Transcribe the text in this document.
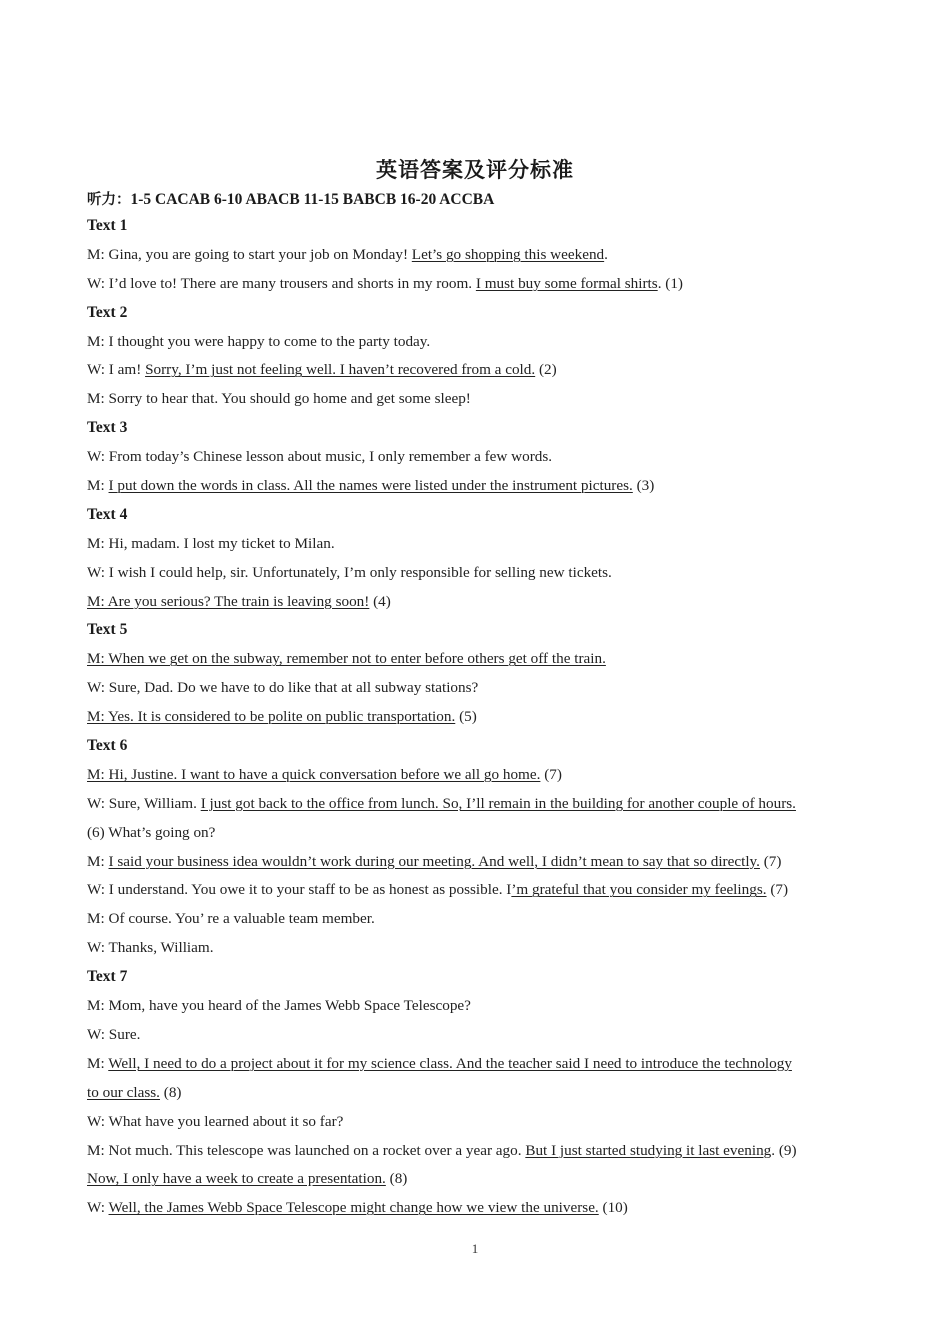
英语答案及评分标准
听力：1-5 CACAB 6-10 ABACB 11-15 BABCB 16-20 ACCBA
Text 1
M: Gina, you are going to start your job on Monday! Let’s go shopping this weekend.
W: I’d love to! There are many trousers and shorts in my room. I must buy some formal shirts. (1)
Text 2
M: I thought you were happy to come to the party today.
W: I am! Sorry, I’m just not feeling well. I haven’t recovered from a cold. (2)
M: Sorry to hear that. You should go home and get some sleep!
Text 3
W: From today’s Chinese lesson about music, I only remember a few words.
M: I put down the words in class. All the names were listed under the instrument pictures. (3)
Text 4
M: Hi, madam. I lost my ticket to Milan.
W: I wish I could help, sir. Unfortunately, I’m only responsible for selling new tickets.
M: Are you serious? The train is leaving soon! (4)
Text 5
M: When we get on the subway, remember not to enter before others get off the train.
W: Sure, Dad. Do we have to do like that at all subway stations?
M: Yes. It is considered to be polite on public transportation. (5)
Text 6
M: Hi, Justine. I want to have a quick conversation before we all go home. (7)
W: Sure, William. I just got back to the office from lunch. So, I’ll remain in the building for another couple of hours.
(6) What’s going on?
M: I said your business idea wouldn’t work during our meeting. And well, I didn’t mean to say that so directly. (7)
W: I understand. You owe it to your staff to be as honest as possible. I’m grateful that you consider my feelings. (7)
M: Of course. You’ re a valuable team member.
W: Thanks, William.
Text 7
M: Mom, have you heard of the James Webb Space Telescope?
W: Sure.
M: Well, I need to do a project about it for my science class. And the teacher said I need to introduce the technology
to our class. (8)
W: What have you learned about it so far?
M: Not much. This telescope was launched on a rocket over a year ago. But I just started studying it last evening. (9)
Now, I only have a week to create a presentation. (8)
W: Well, the James Webb Space Telescope might change how we view the universe. (10)
1
